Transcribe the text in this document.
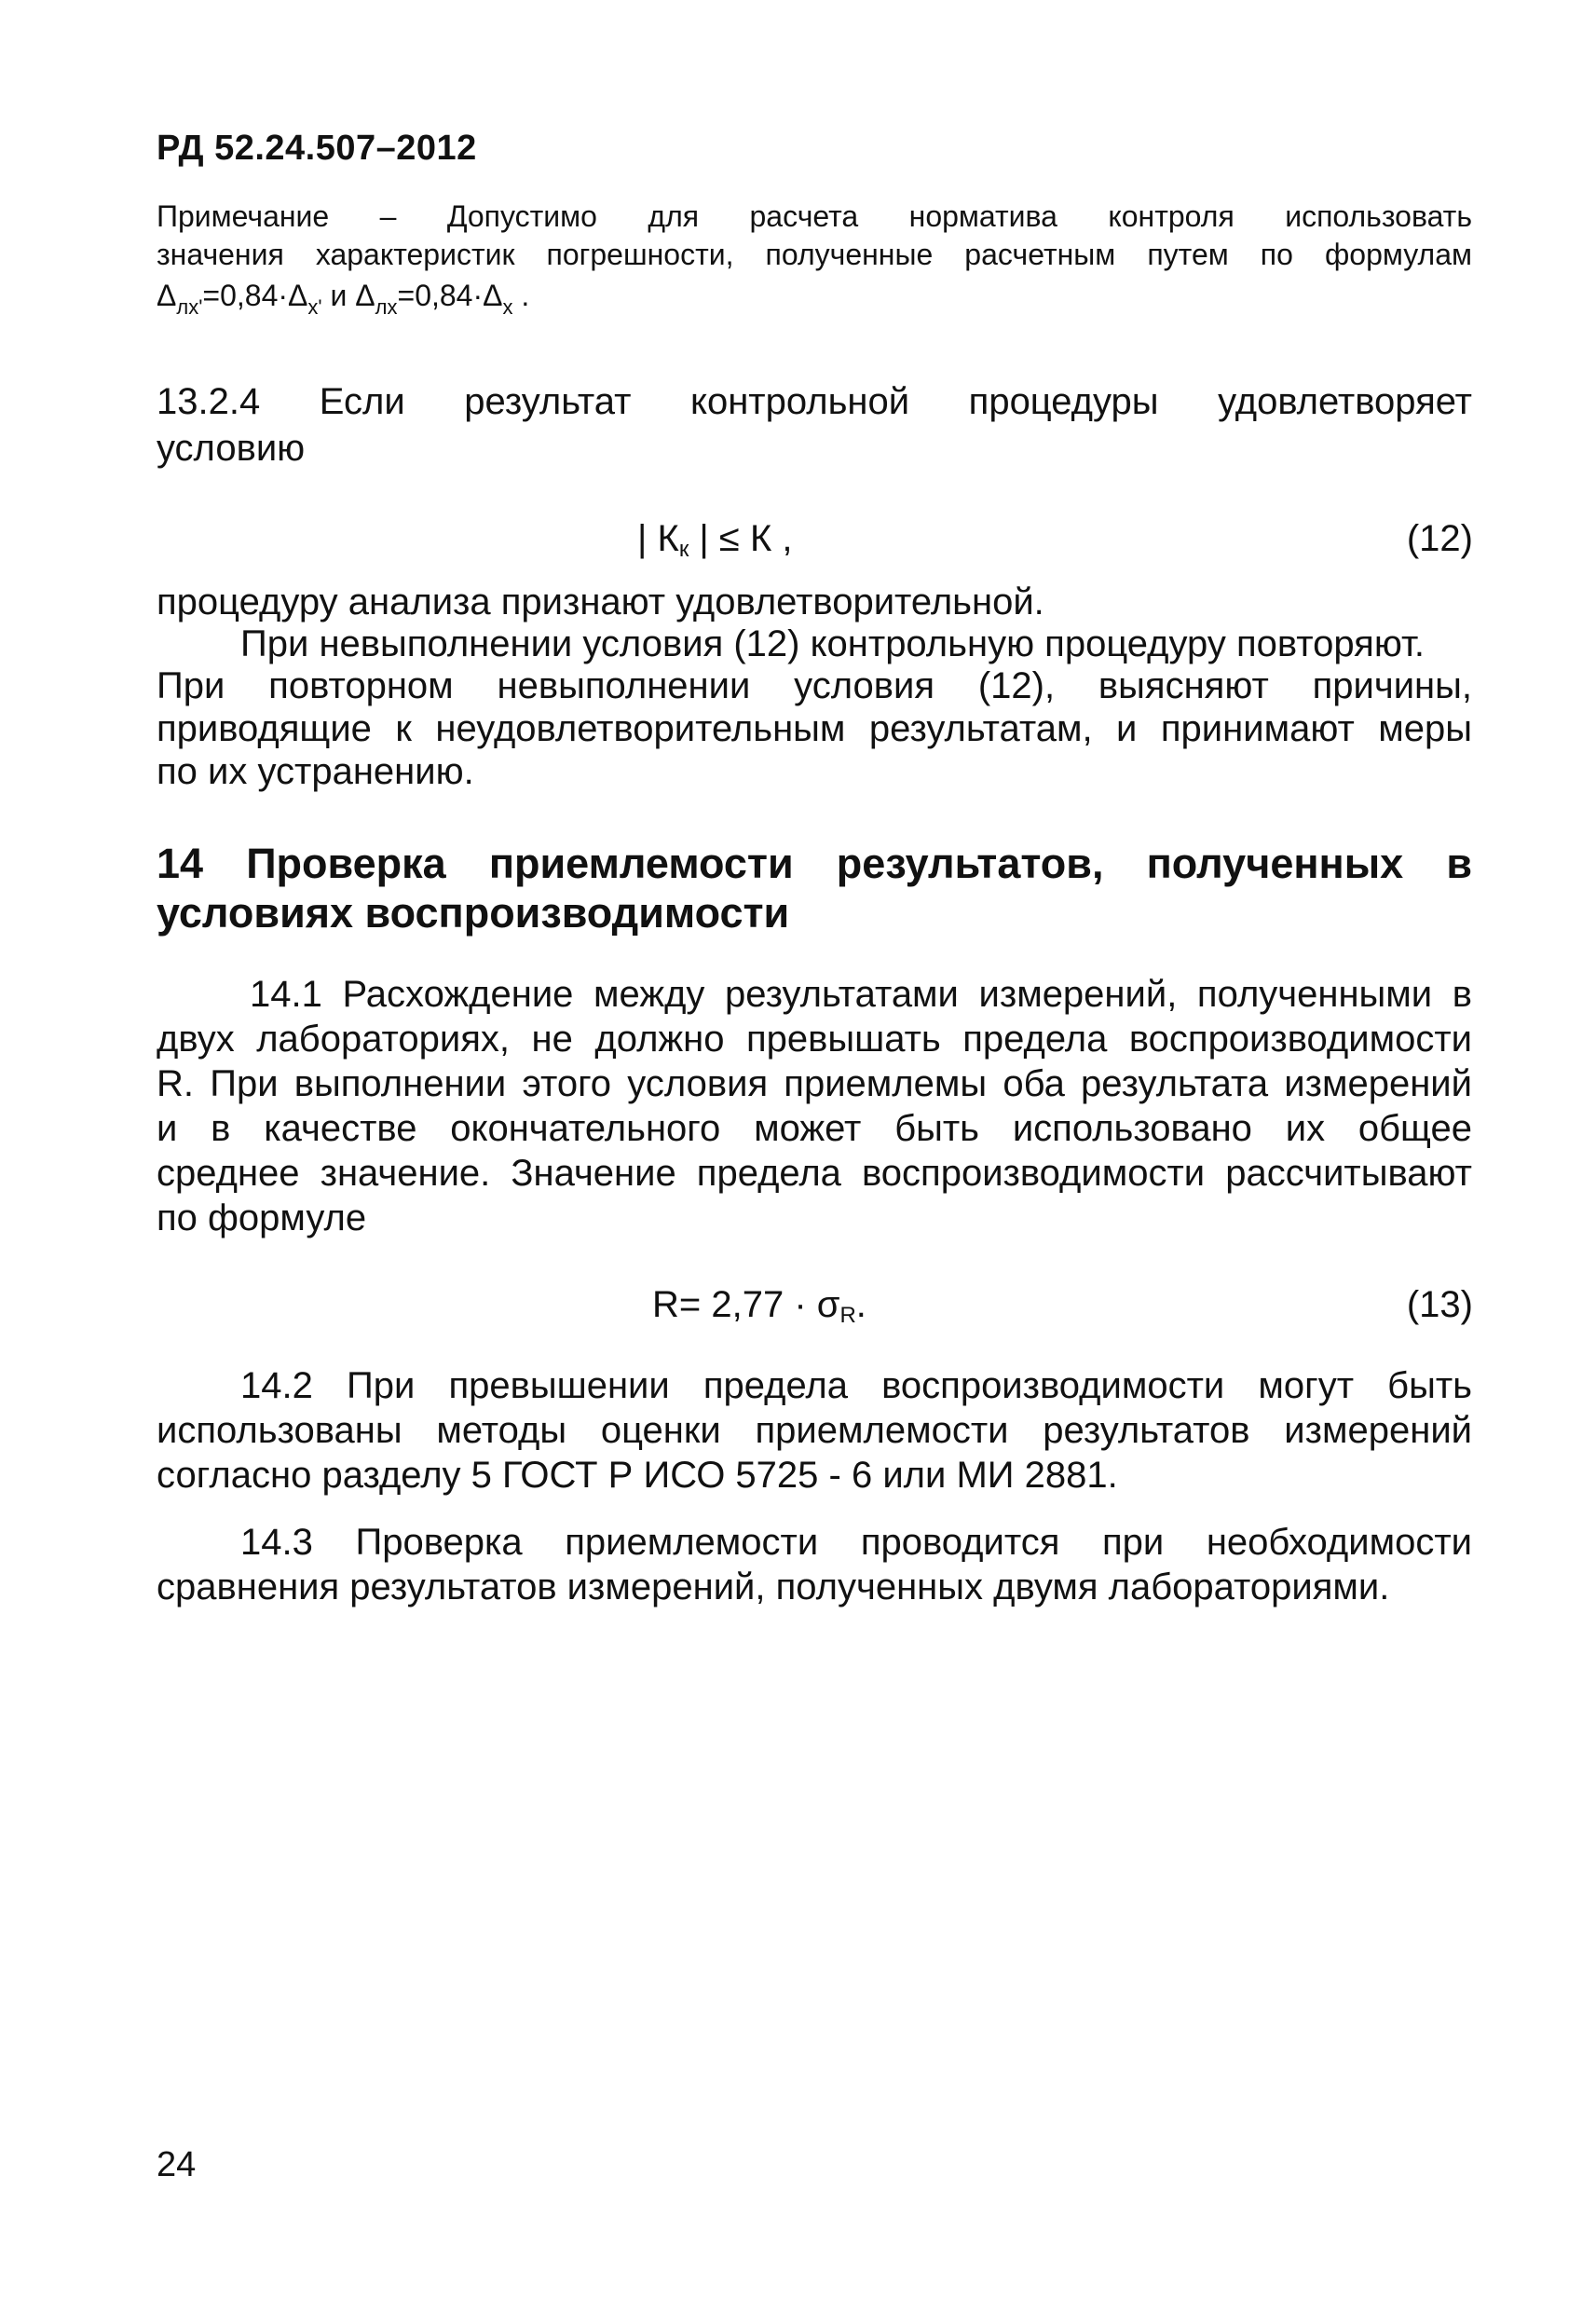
РД 52.24.507–2012
Примечание – Допустимо для расчета норматива контроля использовать
значения характеристик погрешности, полученные расчетным путем по формулам
$\Delta_{лх'}=0,84\cdot\Delta_{х'}$ и $\Delta_{лх}=0,84\cdot\Delta_х$ .
13.2.4 Если результат контрольной процедуры удовлетворяет
условию
| $К_к$ | ≤ К ,	(12)
процедуру анализа признают удовлетворительной.
При невыполнении условия (12) контрольную процедуру повторяют.
При повторном невыполнении условия (12), выясняют причины,
приводящие к неудовлетворительным результатам, и принимают меры
по их устранению.
14 Проверка приемлемости результатов, полученных в
условиях воспроизводимости
14.1 Расхождение между результатами измерений, полученными в
двух лабораториях, не должно превышать предела воспроизводимости
R. При выполнении этого условия приемлемы оба результата измерений
и в качестве окончательного может быть использовано их общее
среднее значение. Значение предела воспроизводимости рассчитывают
по формуле
$R= 2,77 \cdot \sigma_R$.	(13)
14.2 При превышении предела воспроизводимости могут быть
использованы методы оценки приемлемости результатов измерений
согласно разделу 5 ГОСТ Р ИСО 5725 - 6 или МИ 2881.
14.3 Проверка приемлемости проводится при необходимости
сравнения результатов измерений, полученных двумя лабораториями.
24
